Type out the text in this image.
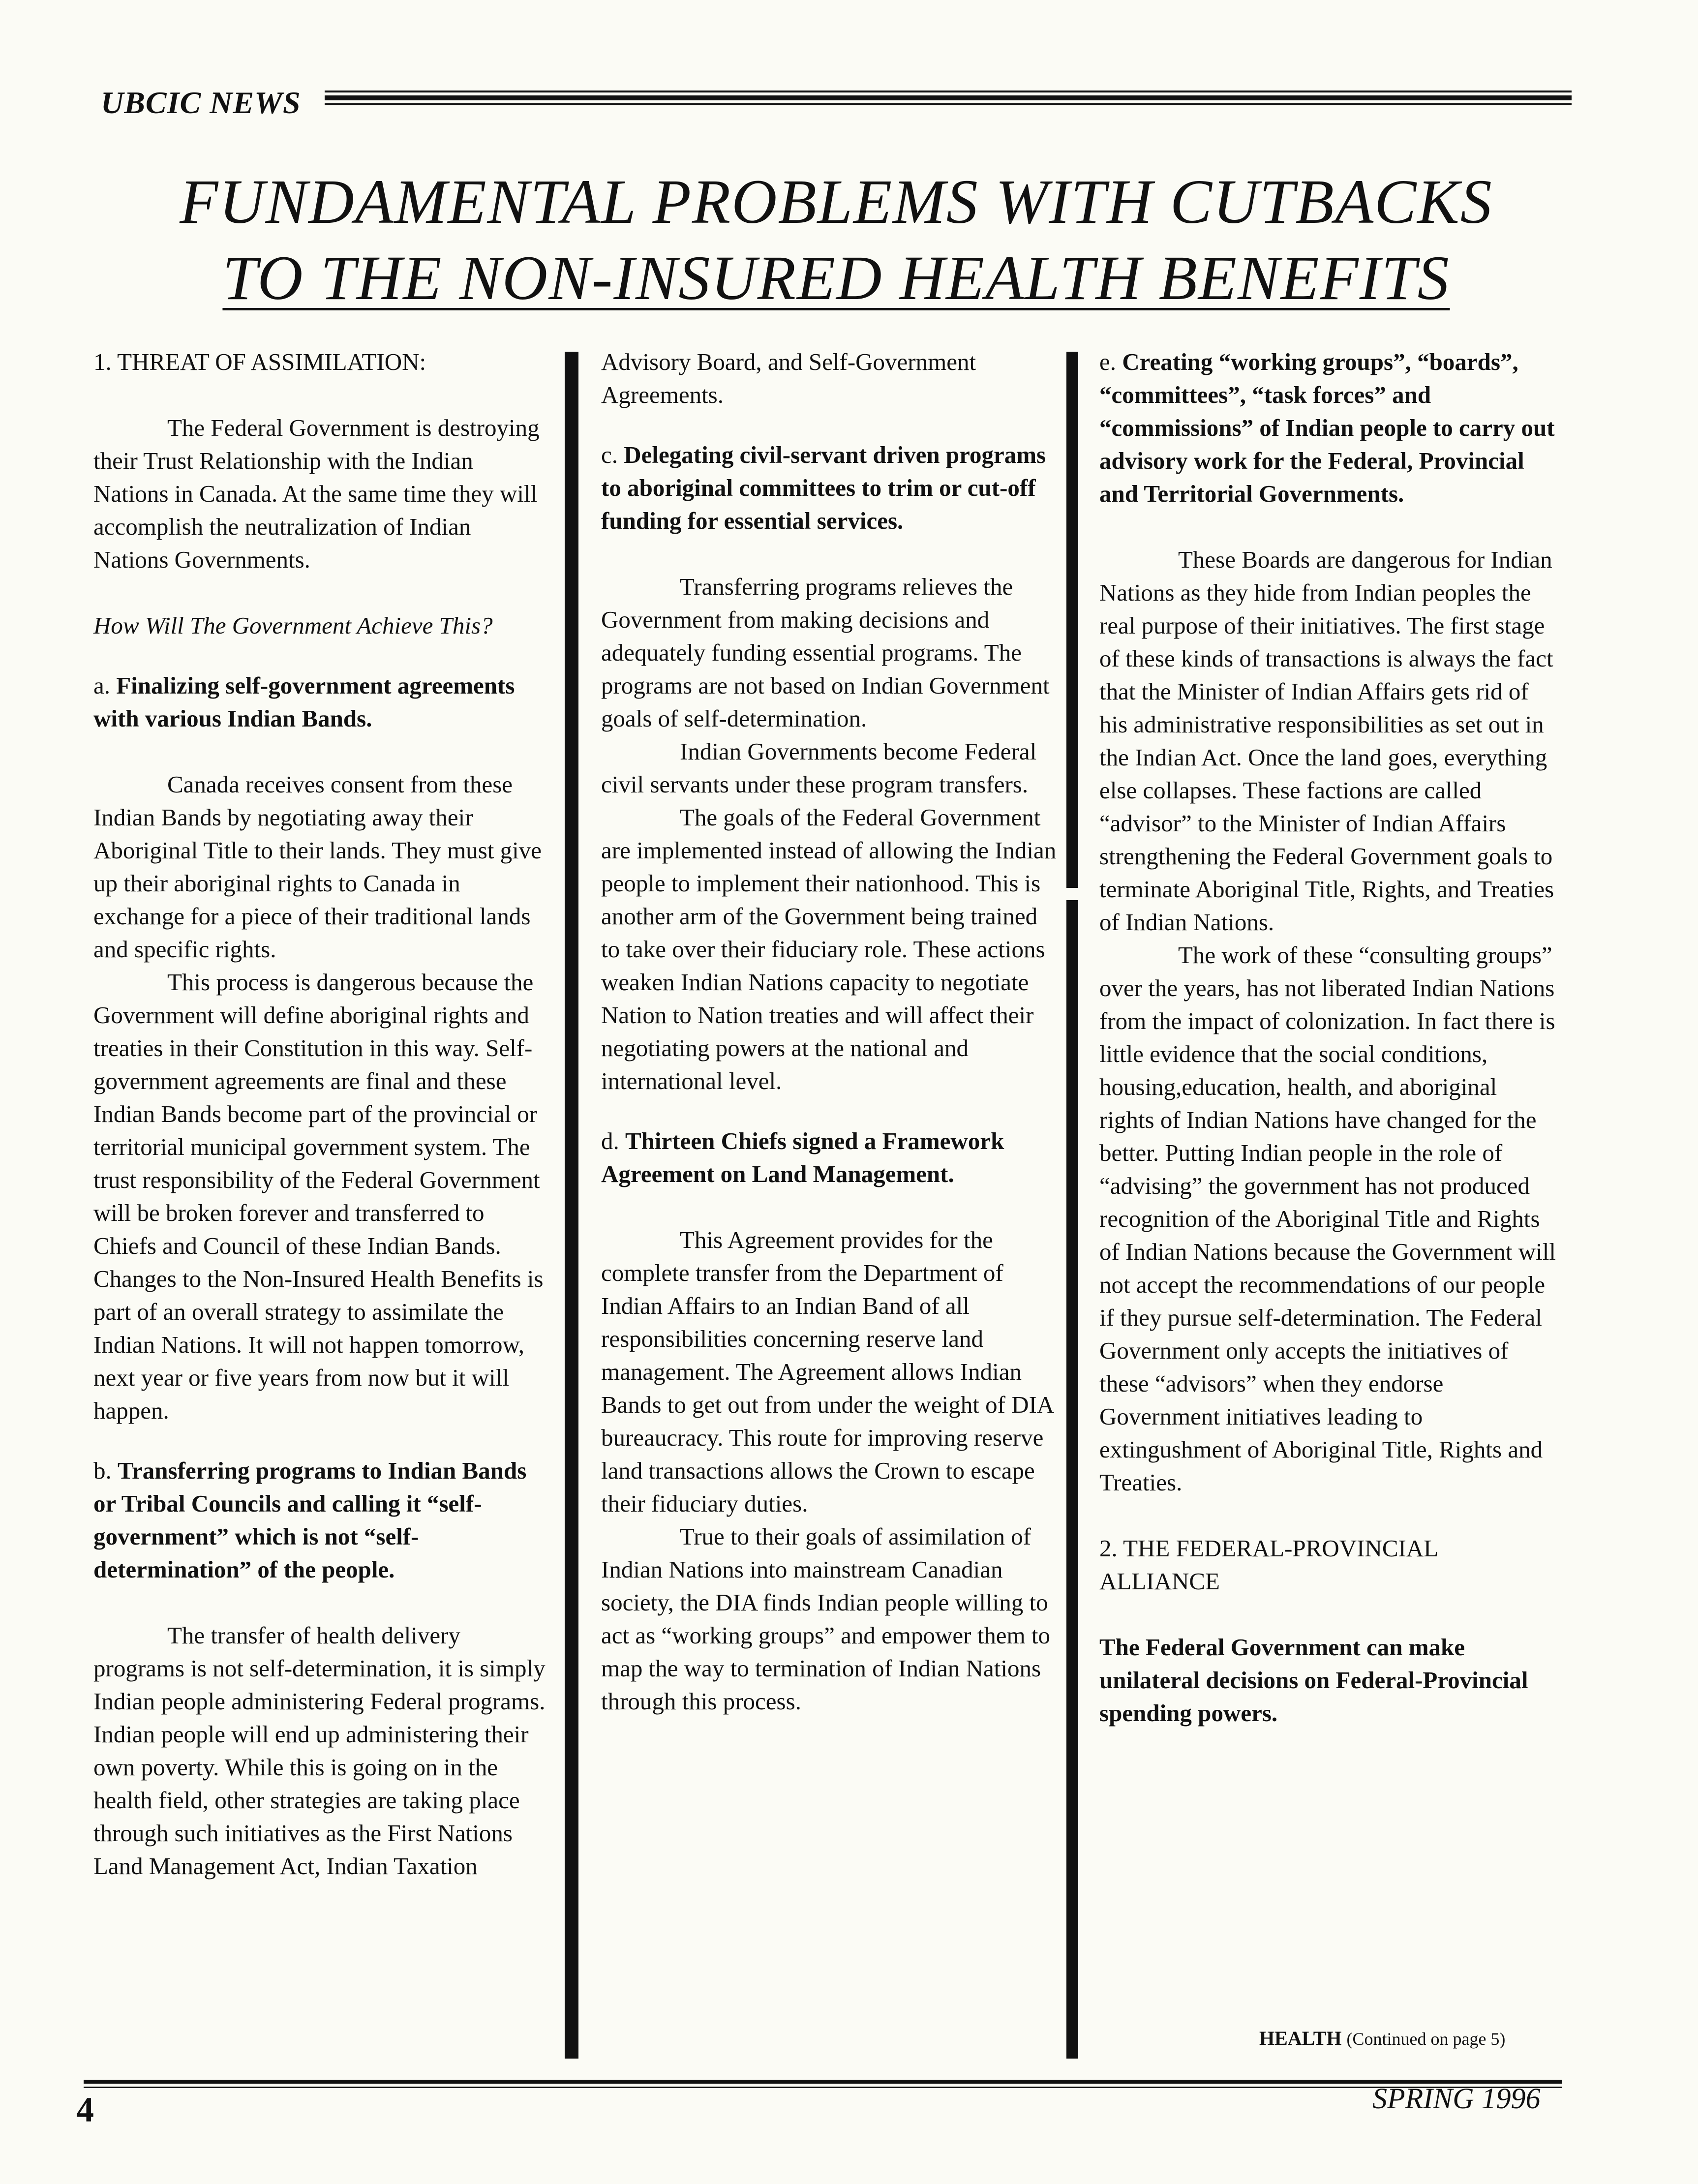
UBCIC NEWS
FUNDAMENTAL PROBLEMS WITH CUTBACKS
TO THE NON-INSURED HEALTH BENEFITS

1. THREAT OF ASSIMILATION:

The Federal Government is destroying their Trust Relationship with the Indian Nations in Canada. At the same time they will accomplish the neutralization of Indian Nations Governments.

How Will The Government Achieve This?

a. Finalizing self-government agreements with various Indian Bands.

Canada receives consent from these Indian Bands by negotiating away their Aboriginal Title to their lands. They must give up their aboriginal rights to Canada in exchange for a piece of their traditional lands and specific rights.

This process is dangerous because the Government will define aboriginal rights and treaties in their Constitution in this way. Self-government agreements are final and these Indian Bands become part of the provincial or territorial municipal government system. The trust responsibility of the Federal Government will be broken forever and transferred to Chiefs and Council of these Indian Bands. Changes to the Non-Insured Health Benefits is part of an overall strategy to assimilate the Indian Nations. It will not happen tomorrow, next year or five years from now but it will happen.

b. Transferring programs to Indian Bands or Tribal Councils and calling it “self-government” which is not “self-determination” of the people.

The transfer of health delivery programs is not self-determination, it is simply Indian people administering Federal programs. Indian people will end up administering their own poverty. While this is going on in the health field, other strategies are taking place through such initiatives as the First Nations Land Management Act, Indian Taxation

Advisory Board, and Self-Government Agreements.

c. Delegating civil-servant driven programs to aboriginal committees to trim or cut-off funding for essential services.

Transferring programs relieves the Government from making decisions and adequately funding essential programs. The programs are not based on Indian Government goals of self-determination.

Indian Governments become Federal civil servants under these program transfers.

The goals of the Federal Government are implemented instead of allowing the Indian people to implement their nationhood. This is another arm of the Government being trained to take over their fiduciary role. These actions weaken Indian Nations capacity to negotiate Nation to Nation treaties and will affect their negotiating powers at the national and international level.

d. Thirteen Chiefs signed a Framework Agreement on Land Management.

This Agreement provides for the complete transfer from the Department of Indian Affairs to an Indian Band of all responsibilities concerning reserve land management. The Agreement allows Indian Bands to get out from under the weight of DIA bureaucracy. This route for improving reserve land transactions allows the Crown to escape their fiduciary duties.

True to their goals of assimilation of Indian Nations into mainstream Canadian society, the DIA finds Indian people willing to act as “working groups” and empower them to map the way to termination of Indian Nations through this process.

e. Creating “working groups”, “boards”, “committees”, “task forces” and “commissions” of Indian people to carry out advisory work for the Federal, Provincial and Territorial Governments.

These Boards are dangerous for Indian Nations as they hide from Indian peoples the real purpose of their initiatives. The first stage of these kinds of transactions is always the fact that the Minister of Indian Affairs gets rid of his administrative responsibilities as set out in the Indian Act. Once the land goes, everything else collapses. These factions are called “advisor” to the Minister of Indian Affairs strengthening the Federal Government goals to terminate Aboriginal Title, Rights, and Treaties of Indian Nations.

The work of these “consulting groups” over the years, has not liberated Indian Nations from the impact of colonization. In fact there is little evidence that the social conditions, housing,education, health, and aboriginal rights of Indian Nations have changed for the better. Putting Indian people in the role of “advising” the government has not produced recognition of the Aboriginal Title and Rights of Indian Nations because the Government will not accept the recommendations of our people if they pursue self-determination. The Federal Government only accepts the initiatives of these “advisors” when they endorse Government initiatives leading to extingushment of Aboriginal Title, Rights and Treaties.

2. THE FEDERAL-PROVINCIAL ALLIANCE

The Federal Government can make unilateral decisions on Federal-Provincial spending powers.

HEALTH (Continued on page 5)
4	SPRING 1996
